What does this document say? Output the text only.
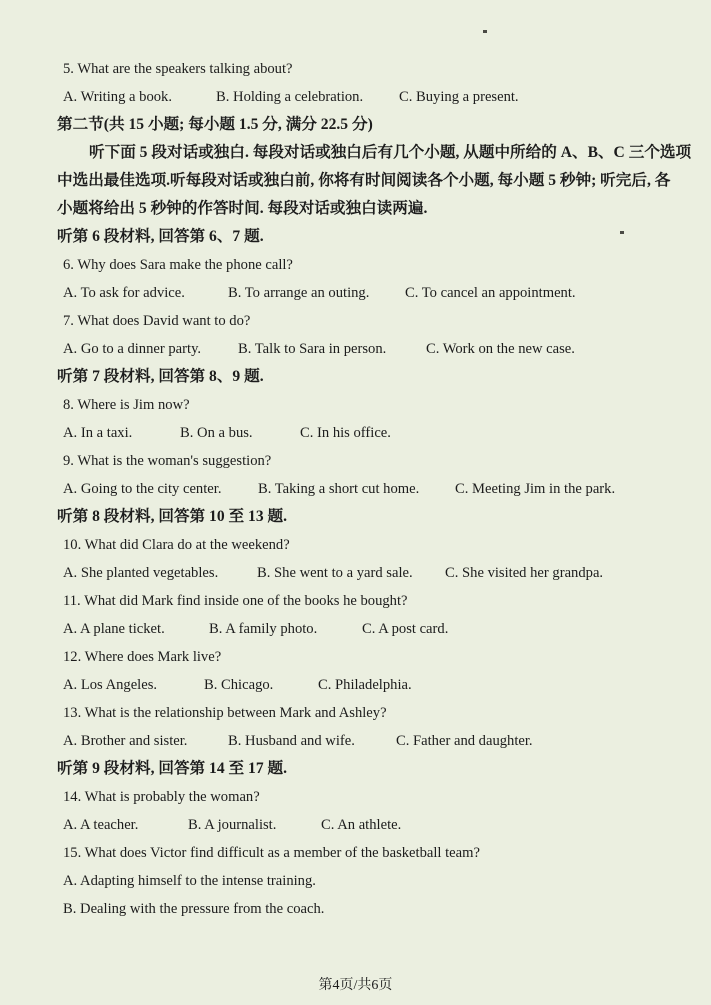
5. What are the speakers talking about?
A. Writing a book.	B. Holding a celebration. C. Buying a present.
第二节(共 15 小题; 每小题 1.5 分, 满分 22.5 分)
听下面 5 段对话或独白. 每段对话或独白后有几个小题, 从题中所给的 A、B、C 三个选项
中选出最佳选项.听每段对话或独白前, 你将有时间阅读各个小题, 每小题 5 秒钟; 听完后, 各
小题将给出 5 秒钟的作答时间. 每段对话或独白读两遍.
听第 6 段材料, 回答第 6、7 题.
6. Why does Sara make the phone call?
A. To ask for advice.	B. To arrange an outing. C. To cancel an appointment.
7. What does David want to do?
A. Go to a dinner party.	B. Talk to Sara in person.	C. Work on the new case.
听第 7 段材料, 回答第 8、9 题.
8. Where is Jim now?
A. In a taxi.	B. On a bus.	C. In his office.
9. What is the woman's suggestion?
A. Going to the city center.	B. Taking a short cut home. C. Meeting Jim in the park.
听第 8 段材料, 回答第 10 至 13 题.
10. What did Clara do at the weekend?
A. She planted vegetables.	B. She went to a yard sale. C. She visited her grandpa.
11. What did Mark find inside one of the books he bought?
A. A plane ticket.	B. A family photo.	C. A post card.
12. Where does Mark live?
A. Los Angeles.	B. Chicago.	C. Philadelphia.
13. What is the relationship between Mark and Ashley?
A. Brother and sister.	B. Husband and wife.	C. Father and daughter.
听第 9 段材料, 回答第 14 至 17 题.
14. What is probably the woman?
A. A teacher.	B. A journalist.	C. An athlete.
15. What does Victor find difficult as a member of the basketball team?
A. Adapting himself to the intense training.
B. Dealing with the pressure from the coach.
第4页/共6页
